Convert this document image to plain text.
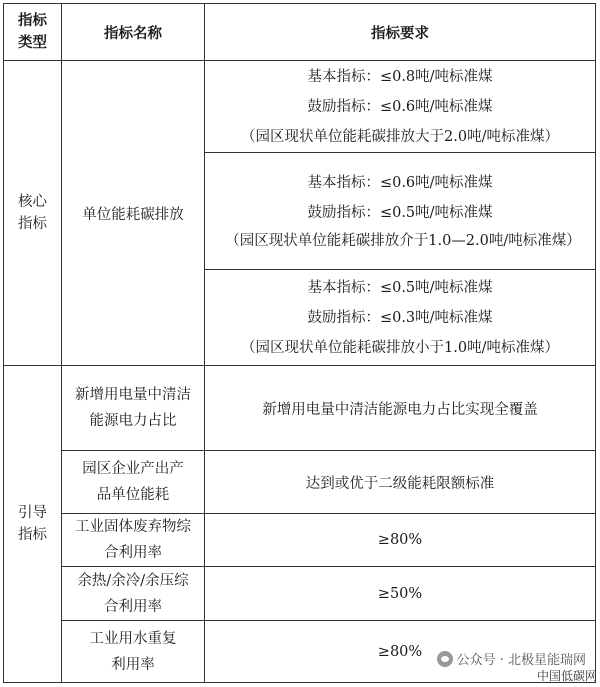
指标类型	指标名称	指标要求

核心指标	单位能耗碳排放	基本指标：≤0.8吨/吨标准煤
鼓励指标：≤0.6吨/吨标准煤
（园区现状单位能耗碳排放大于2.0吨/吨标准煤）

		基本指标：≤0.6吨/吨标准煤
鼓励指标：≤0.5吨/吨标准煤
（园区现状单位能耗碳排放介于1.0—2.0吨/吨标准煤）

		基本指标：≤0.5吨/吨标准煤
鼓励指标：≤0.3吨/吨标准煤
（园区现状单位能耗碳排放小于1.0吨/吨标准煤）

引导指标	新增用电量中清洁能源电力占比	新增用电量中清洁能源电力占比实现全覆盖

	园区企业产出产品单位能耗	达到或优于二级能耗限额标准

	工业固体废弃物综合利用率	≥80%

	余热/余冷/余压综合利用率	≥50%

	工业用水重复利用率	≥80%
公众号 · 北极星能瑞网
中国低碳网
